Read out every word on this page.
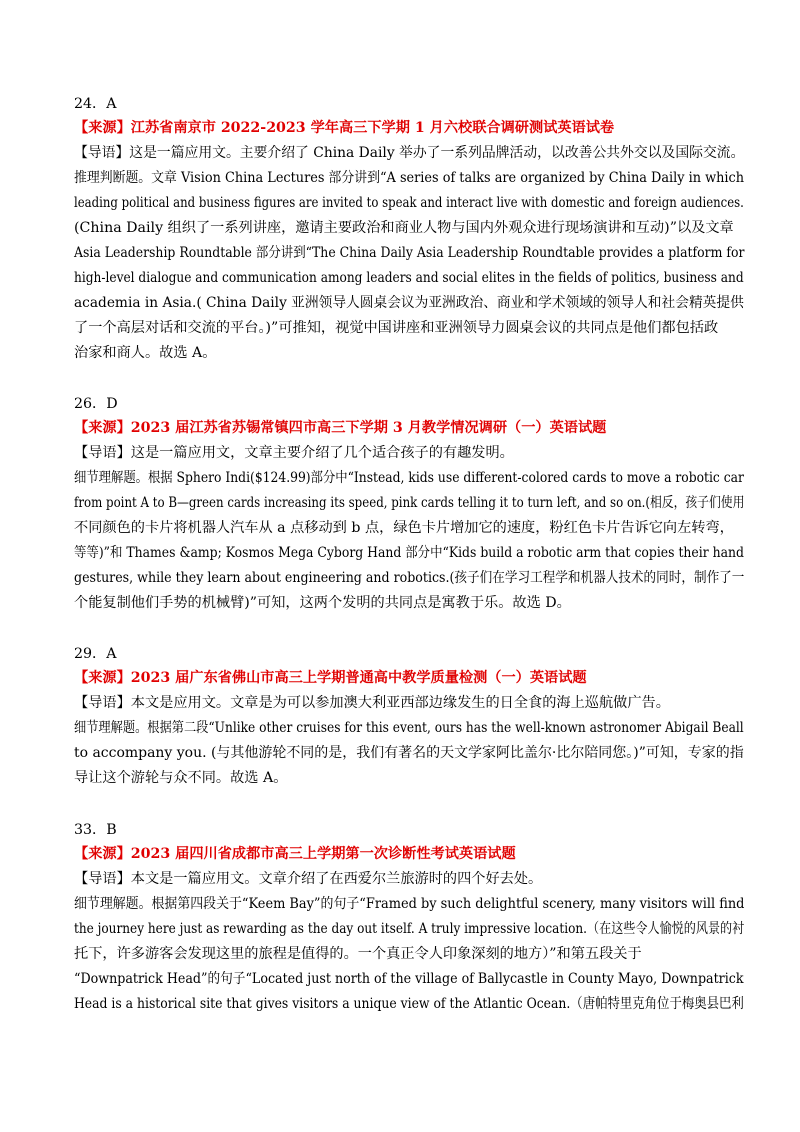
24．A
【来源】江苏省南京市 2022-2023 学年高三下学期 1 月六校联合调研测试英语试卷
【导语】这是一篇应用文。主要介绍了 China Daily 举办了一系列品牌活动，以改善公共外交以及国际交流。
推理判断题。文章 Vision China Lectures 部分讲到“A series of talks are organized by China Daily in which
leading political and business figures are invited to speak and interact live with domestic and foreign audiences.
(China Daily 组织了一系列讲座，邀请主要政治和商业人物与国内外观众进行现场演讲和互动)”以及文章
Asia Leadership Roundtable 部分讲到“The China Daily Asia Leadership Roundtable provides a platform for
high-level dialogue and communication among leaders and social elites in the fields of politics, business and
academia in Asia.( China Daily 亚洲领导人圆桌会议为亚洲政治、商业和学术领域的领导人和社会精英提供
了一个高层对话和交流的平台。)”可推知，视觉中国讲座和亚洲领导力圆桌会议的共同点是他们都包括政
治家和商人。故选 A。
26．D
【来源】2023 届江苏省苏锡常镇四市高三下学期 3 月教学情况调研（一）英语试题
【导语】这是一篇应用文，文章主要介绍了几个适合孩子的有趣发明。
细节理解题。根据 Sphero Indi($124.99)部分中“Instead, kids use different-colored cards to move a robotic car
from point A to B—green cards increasing its speed, pink cards telling it to turn left, and so on.(相反，孩子们使用
不同颜色的卡片将机器人汽车从 a 点移动到 b 点，绿色卡片增加它的速度，粉红色卡片告诉它向左转弯，
等等)”和 Thames &amp; Kosmos Mega Cyborg Hand 部分中“Kids build a robotic arm that copies their hand
gestures, while they learn about engineering and robotics.(孩子们在学习工程学和机器人技术的同时，制作了一
个能复制他们手势的机械臂)”可知，这两个发明的共同点是寓教于乐。故选 D。
29．A
【来源】2023 届广东省佛山市高三上学期普通高中教学质量检测（一）英语试题
【导语】本文是应用文。文章是为可以参加澳大利亚西部边缘发生的日全食的海上巡航做广告。
细节理解题。根据第二段“Unlike other cruises for this event, ours has the well-known astronomer Abigail Beall
to accompany you. (与其他游轮不同的是，我们有著名的天文学家阿比盖尔·比尔陪同您。)”可知，专家的指
导让这个游轮与众不同。故选 A。
33．B
【来源】2023 届四川省成都市高三上学期第一次诊断性考试英语试题
【导语】本文是一篇应用文。文章介绍了在西爱尔兰旅游时的四个好去处。
细节理解题。根据第四段关于“Keem Bay”的句子“Framed by such delightful scenery, many visitors will find
the journey here just as rewarding as the day out itself. A truly impressive location.（在这些令人愉悦的风景的衬
托下，许多游客会发现这里的旅程是值得的。一个真正令人印象深刻的地方）”和第五段关于
“Downpatrick Head”的句子“Located just north of the village of Ballycastle in County Mayo, Downpatrick
Head is a historical site that gives visitors a unique view of the Atlantic Ocean.（唐帕特里克角位于梅奥县巴利
